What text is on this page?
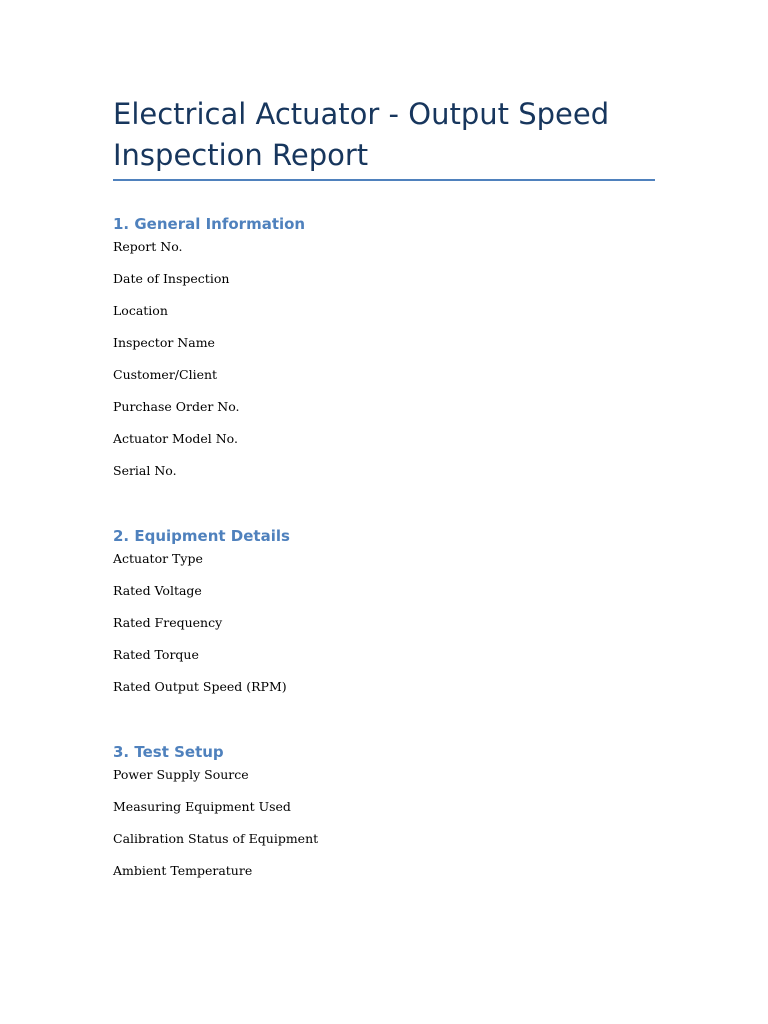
Electrical Actuator - Output Speed Inspection Report
1. General Information

Report No.

Date of Inspection

Location

Inspector Name

Customer/Client

Purchase Order No.

Actuator Model No.

Serial No.

2. Equipment Details

Actuator Type

Rated Voltage

Rated Frequency

Rated Torque

Rated Output Speed (RPM)

3. Test Setup

Power Supply Source

Measuring Equipment Used

Calibration Status of Equipment

Ambient Temperature
